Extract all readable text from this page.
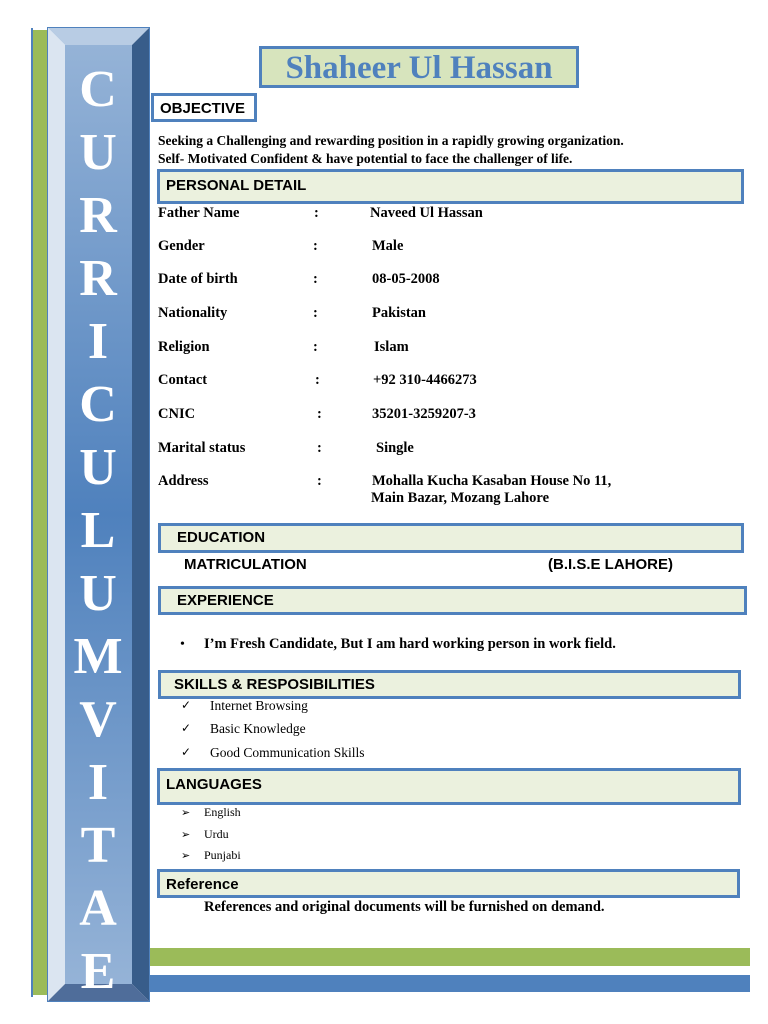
C
U
R
R
I
C
U
L
U
M
V
I
T
A
E
Shaheer Ul Hassan
OBJECTIVE
Seeking a Challenging and rewarding position in a rapidly growing organization.
Self- Motivated Confident & have potential to face the challenger of life.
PERSONAL DETAIL
Father Name	:	Naveed Ul Hassan
Gender	:	Male
Date of birth	:	08-05-2008
Nationality	:	Pakistan
Religion	:	Islam
Contact	:	+92 310-4466273
CNIC	:	35201-3259207-3
Marital status	:	Single
Address	:	Mohalla Kucha Kasaban House No 11,
Main Bazar, Mozang Lahore
EDUCATION
MATRICULATION	(B.I.S.E LAHORE)
EXPERIENCE
• I’m Fresh Candidate, But I am hard working person in work field.
SKILLS & RESPOSIBILITIES
✓ Internet Browsing
✓ Basic Knowledge
✓ Good Communication Skills
LANGUAGES
➢ English
➢ Urdu
➢ Punjabi
Reference
References and original documents will be furnished on demand.
